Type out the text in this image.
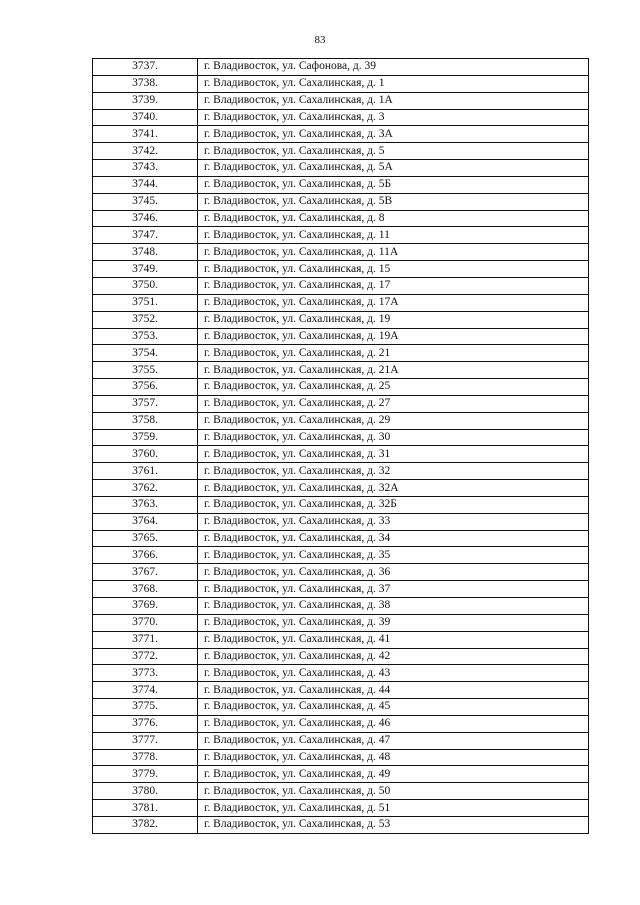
83
3737.	г. Владивосток, ул. Сафонова, д. 39
3738.	г. Владивосток, ул. Сахалинская, д. 1
3739.	г. Владивосток, ул. Сахалинская, д. 1А
3740.	г. Владивосток, ул. Сахалинская, д. 3
3741.	г. Владивосток, ул. Сахалинская, д. 3А
3742.	г. Владивосток, ул. Сахалинская, д. 5
3743.	г. Владивосток, ул. Сахалинская, д. 5А
3744.	г. Владивосток, ул. Сахалинская, д. 5Б
3745.	г. Владивосток, ул. Сахалинская, д. 5В
3746.	г. Владивосток, ул. Сахалинская, д. 8
3747.	г. Владивосток, ул. Сахалинская, д. 11
3748.	г. Владивосток, ул. Сахалинская, д. 11А
3749.	г. Владивосток, ул. Сахалинская, д. 15
3750.	г. Владивосток, ул. Сахалинская, д. 17
3751.	г. Владивосток, ул. Сахалинская, д. 17А
3752.	г. Владивосток, ул. Сахалинская, д. 19
3753.	г. Владивосток, ул. Сахалинская, д. 19А
3754.	г. Владивосток, ул. Сахалинская, д. 21
3755.	г. Владивосток, ул. Сахалинская, д. 21А
3756.	г. Владивосток, ул. Сахалинская, д. 25
3757.	г. Владивосток, ул. Сахалинская, д. 27
3758.	г. Владивосток, ул. Сахалинская, д. 29
3759.	г. Владивосток, ул. Сахалинская, д. 30
3760.	г. Владивосток, ул. Сахалинская, д. 31
3761.	г. Владивосток, ул. Сахалинская, д. 32
3762.	г. Владивосток, ул. Сахалинская, д. 32А
3763.	г. Владивосток, ул. Сахалинская, д. 32Б
3764.	г. Владивосток, ул. Сахалинская, д. 33
3765.	г. Владивосток, ул. Сахалинская, д. 34
3766.	г. Владивосток, ул. Сахалинская, д. 35
3767.	г. Владивосток, ул. Сахалинская, д. 36
3768.	г. Владивосток, ул. Сахалинская, д. 37
3769.	г. Владивосток, ул. Сахалинская, д. 38
3770.	г. Владивосток, ул. Сахалинская, д. 39
3771.	г. Владивосток, ул. Сахалинская, д. 41
3772.	г. Владивосток, ул. Сахалинская, д. 42
3773.	г. Владивосток, ул. Сахалинская, д. 43
3774.	г. Владивосток, ул. Сахалинская, д. 44
3775.	г. Владивосток, ул. Сахалинская, д. 45
3776.	г. Владивосток, ул. Сахалинская, д. 46
3777.	г. Владивосток, ул. Сахалинская, д. 47
3778.	г. Владивосток, ул. Сахалинская, д. 48
3779.	г. Владивосток, ул. Сахалинская, д. 49
3780.	г. Владивосток, ул. Сахалинская, д. 50
3781.	г. Владивосток, ул. Сахалинская, д. 51
3782.	г. Владивосток, ул. Сахалинская, д. 53
